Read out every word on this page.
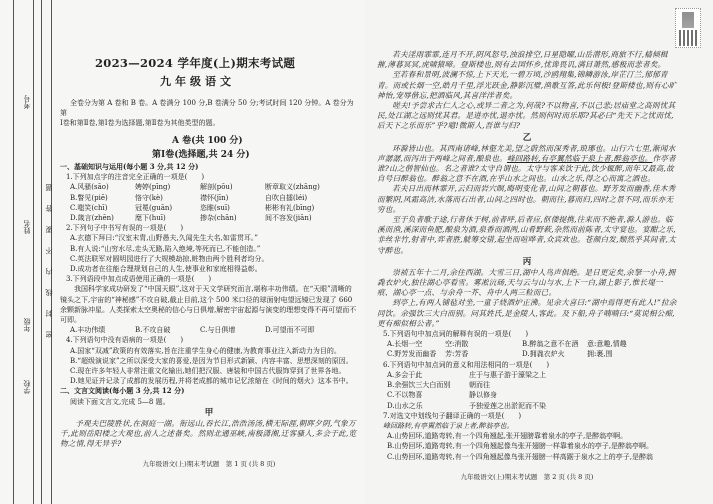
考号
姓名
年级
学校
密封线内不要答题
2023—2024 学年度(上)期末考试题
九年级语文
全卷分为第 A 卷和 B 卷。A 卷满分 100 分,B 卷满分 50 分;考试时间 120 分钟。A 卷分为第
Ⅰ卷和第Ⅱ卷,第Ⅰ卷为选择题,第Ⅱ卷为其他类型的题。
A 卷(共 100 分)
第Ⅰ卷(选择题,共 24 分)
一、基础知识与运用(每小题 3 分,共 12 分)
1.下列加点字的注音完全正确的一项是(　　)
A.风骚(sāo)	娉婷(pīng)	解剖(pōu)	断章取义(zhāng)
B.瞥见(piē)	恪守(kè)	襟怀(jīn)	自吹自擂(léi)
C.嗤笑(chī)	冠冕(guān)	恣睢(suī)	彬彬有礼(bīng)
D.箴言(zhēn)	麾下(huī)	掺杂(chān)	间不容发(jiān)
2.下列句子中书写有误的一项是(　　)
A.玄德下拜曰:“汉室末胄,山野愚夫,久闻先生大名,如雷贯耳。”
B.有人说:“山穷水尽,走头无路,陷入绝境,等死而已,不能创造。”
C.英法联军对圆明园进行了大规模劫掠,赃物由两个胜利者均分。
D.成功者在往能合理规划自己的人生,使事业和家庭相得益彰。
3.下列语段中加点成语使用正确的一项是(　　)
我国科学家成功研发了“中国天眼”,这对于天文学研究而言,堪称丰功伟绩。在“天眼”清晰的镜头之下,宇宙的“神秘感”不攻自破,截止目前,这个 500 米口径的球面射电望远镜已发现了 660 余颗新脉冲星。人类探索太空奥秘的信心与日俱增,解密宇宙起源与演变的理想变得不再可望而不可即。
A.丰功伟绩	B.不攻自破	C.与日俱增	D.可望而不可即
4.下列语句中没有语病的一项是(　　)
A.国家“双减”政策的有效落实,旨在注重学生身心的健康,为教育事业注入新动力为目的。
B.“超级演说家”之所以深受大家的喜爱,是因为节目形式新颖、内容丰富、思想深刻的原因。
C.现在许多年轻人非常注重文化输出,她们把汉服、唐装和中国古代服饰穿到了世界各地。
D.她见证并记录了成都的发展历程,并将老成都的城市记忆浓缩在《时间的烟火》这本书中。
二、文言文阅读(每小题 3 分,共 12 分)
阅读下面文言文,完成 5—8 题。
甲
予观夫巴陵胜状,在洞庭一湖。衔远山,吞长江,浩浩汤汤,横无际涯,朝晖夕阴,气象万千,此则岳阳楼之大观也,前人之述备矣。然则北通巫峡,南极潇湘,迁客骚人,多会于此,览物之情,得无异乎?
九年级语文(上)期末考试题　第 1 页 (共 8 页)
若夫淫雨霏霏,连月不开,阴风怒号,浊浪排空,日星隐曜,山岳潜形,商旅不行,樯倾楫摧,薄暮冥冥,虎啸猿啼。登斯楼也,则有去国怀乡,忧谗畏讥,满目萧然,感极而悲者矣。
至若春和景明,波澜不惊,上下天光,一碧万顷,沙鸥翔集,锦鳞游泳,岸芷汀兰,郁郁青青。而或长烟一空,皓月千里,浮光跃金,静影沉璧,渔歌互答,此乐何极!登斯楼也,则有心旷神怡,宠辱偕忘,把酒临风,其喜洋洋者矣。
嗟夫!予尝求古仁人之心,或异二者之为,何哉?不以物喜,不以己悲;居庙堂之高则忧其民,处江湖之远则忧其君。是进亦忧,退亦忧。然则何时而乐耶?其必曰“先天下之忧而忧,后天下之乐而乐”乎?噫!微斯人,吾谁与归?
乙
环滁皆山也。其西南诸峰,林壑尤美,望之蔚然而深秀者,琅琊也。山行六七里,渐闻水声潺潺,而泻出于两峰之间者,酿泉也。峰回路转,有亭翼然临于泉上者,醉翁亭也。作亭者谁?山之僧智仙也。名之者谁?太守自谓也。太守与客来饮于此,饮少辄醉,而年又最高,故自号曰醉翁也。醉翁之意不在酒,在乎山水之间也。山水之乐,得之心而寓之酒也。
若夫日出而林霏开,云归而岩穴暝,晦明变化者,山间之朝暮也。野芳发而幽香,佳木秀而繁阴,风霜高洁,水落而石出者,山间之四时也。朝而往,暮而归,四时之景不同,而乐亦无穷也。
至于负者歌于途,行者休于树,前者呼,后者应,伛偻提携,往来而不绝者,滁人游也。临溪而渔,溪深而鱼肥,酿泉为酒,泉香而酒洌,山肴野蔌,杂然而前陈者,太守宴也。宴酣之乐,非丝非竹,射者中,弈者胜,觥筹交错,起坐而喧哗者,众宾欢也。苍颜白发,颓然乎其间者,太守醉也。
丙
崇祯五年十二月,余住西湖。大雪三日,湖中人鸟声俱绝。是日更定矣,余拏一小舟,拥毳衣炉火,独往湖心亭看雪。雾凇沆砀,天与云与山与水,上下一白,湖上影子,惟长堤一痕、湖心亭一点、与余舟一芥、舟中人两三粒而已。
到亭上,有两人铺毡对坐,一童子烧酒炉正沸。见余大喜曰:“湖中焉得更有此人!”拉余同饮。余强饮三大白而别。问其姓氏,是金陵人,客此。及下船,舟子喃喃曰:“莫说相公痴,更有痴似相公者。”
5.下列语句中加点词的解释有误的一项是(　　)
A.长烟一空	空:消散	B.醉翁之意不在酒	意:意趣,情趣
C.野芳发而幽香	芳:芳香	D.拥毳衣炉火	拥:裹,围
6.下列语句中加点词的意义和用法相同的一项是(　　)
A.多会于此	庄于与惠子游于濠梁之上
B.余强饮三大白而别	朝而往
C.不以物喜	静以修身
D.山水之乐	予独爱莲之出淤泥而不染
7.对选文中划线句子翻译正确的一项是(　　)
峰回路转,有亭翼然临于泉上者,醉翁亭也。
A.山势回环,道路弯转,有一个四角翘起,张开翅膀靠着泉水的亭子,是醉翁亭啊。
B.山势回环,道路弯转,有一个四角翘起像鸟张开翅膀一样靠着泉水的亭子,是醉翁亭啊。
C.山势回环,道路弯转,有一个四角翘起像鸟张开翅膀一样高踞于泉水之上的亭子,是醉翁
九年级语文(上)期末考试题　第 2 页 (共 8 页)
